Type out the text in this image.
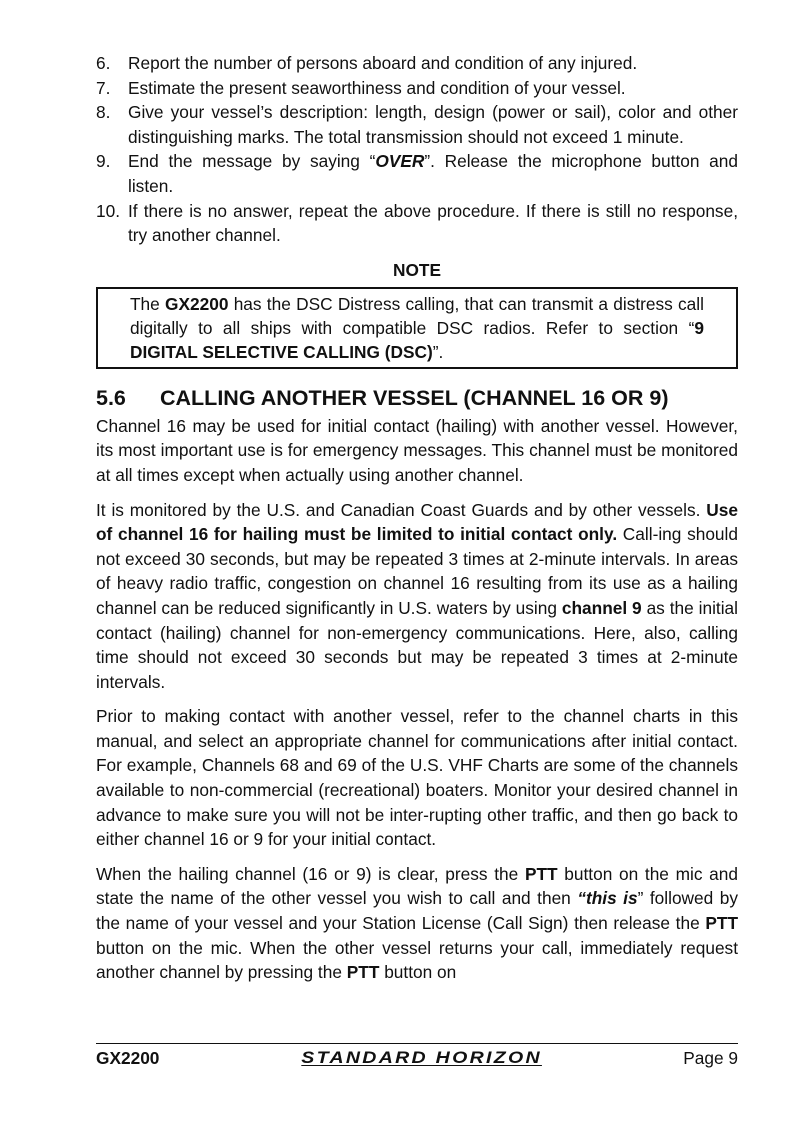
6.	Report the number of persons aboard and condition of any injured.
7.	Estimate the present seaworthiness and condition of your vessel.
8.	Give your vessel’s description: length, design (power or sail), color and other distinguishing marks. The total transmission should not exceed 1 minute.
9.	End the message by saying “OVER”. Release the microphone button and listen.
10. If there is no answer, repeat the above procedure. If there is still no response, try another channel.
NOTE
The GX2200 has the DSC Distress calling, that can transmit a distress call digitally to all ships with compatible DSC radios. Refer to section “9 DIGITAL SELECTIVE CALLING (DSC)”.
5.6	CALLING ANOTHER VESSEL (CHANNEL 16 OR 9)

Channel 16 may be used for initial contact (hailing) with another vessel. However, its most important use is for emergency messages. This channel must be monitored at all times except when actually using another channel.

It is monitored by the U.S. and Canadian Coast Guards and by other vessels. Use of channel 16 for hailing must be limited to initial contact only. Call-ing should not exceed 30 seconds, but may be repeated 3 times at 2-minute intervals. In areas of heavy radio traffic, congestion on channel 16 resulting from its use as a hailing channel can be reduced significantly in U.S. waters by using channel 9 as the initial contact (hailing) channel for non-emergency communications. Here, also, calling time should not exceed 30 seconds but may be repeated 3 times at 2-minute intervals.

Prior to making contact with another vessel, refer to the channel charts in this manual, and select an appropriate channel for communications after initial contact. For example, Channels 68 and 69 of the U.S. VHF Charts are some of the channels available to non-commercial (recreational) boaters. Monitor your desired channel in advance to make sure you will not be inter-rupting other traffic, and then go back to either channel 16 or 9 for your initial contact.

When the hailing channel (16 or 9) is clear, press the PTT button on the mic and state the name of the other vessel you wish to call and then “this is” followed by the name of your vessel and your Station License (Call Sign) then release the PTT button on the mic. When the other vessel returns your call, immediately request another channel by pressing the PTT button on

GX2200	STANDARD HORIZON	Page 9
